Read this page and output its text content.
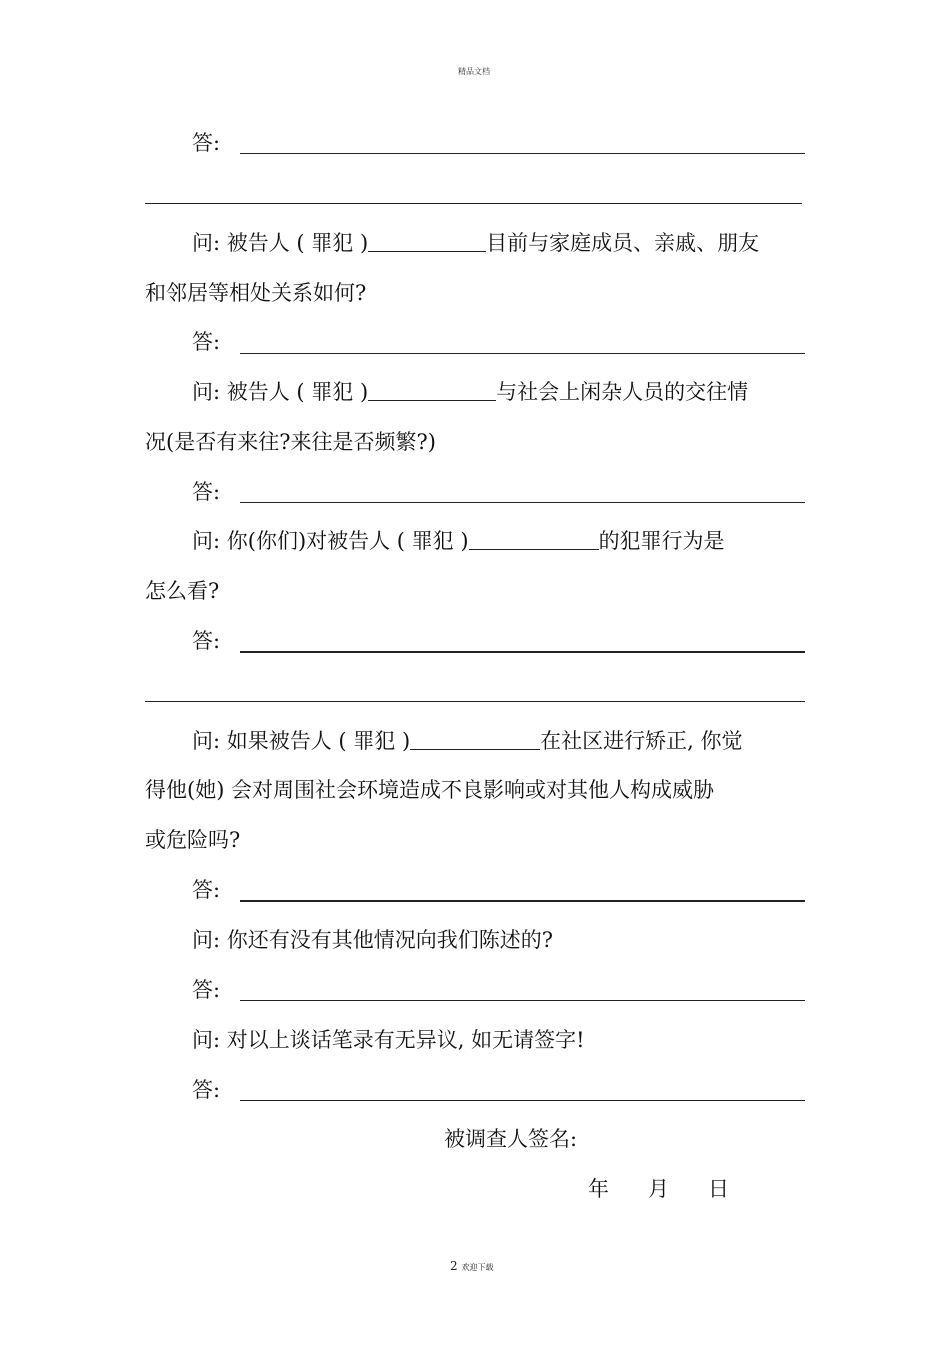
精品文档
答:
问: 被告人 ( 罪犯 )	目前与家庭成员、亲戚、朋友
和邻居等相处关系如何?
答:
问: 被告人 ( 罪犯 )	与社会上闲杂人员的交往情
况(是否有来往?来往是否频繁?)
答:
问: 你(你们)对被告人 ( 罪犯 )	的犯罪行为是
怎么看?
答:
问: 如果被告人 ( 罪犯 )	在社区进行矫正, 你觉
得他(她) 会对周围社会环境造成不良影响或对其他人构成威胁
或危险吗?
答:
问: 你还有没有其他情况向我们陈述的?
答:
问: 对以上谈话笔录有无异议, 如无请签字!
答:
被调查人签名:
年 月 日
2 欢迎下载
